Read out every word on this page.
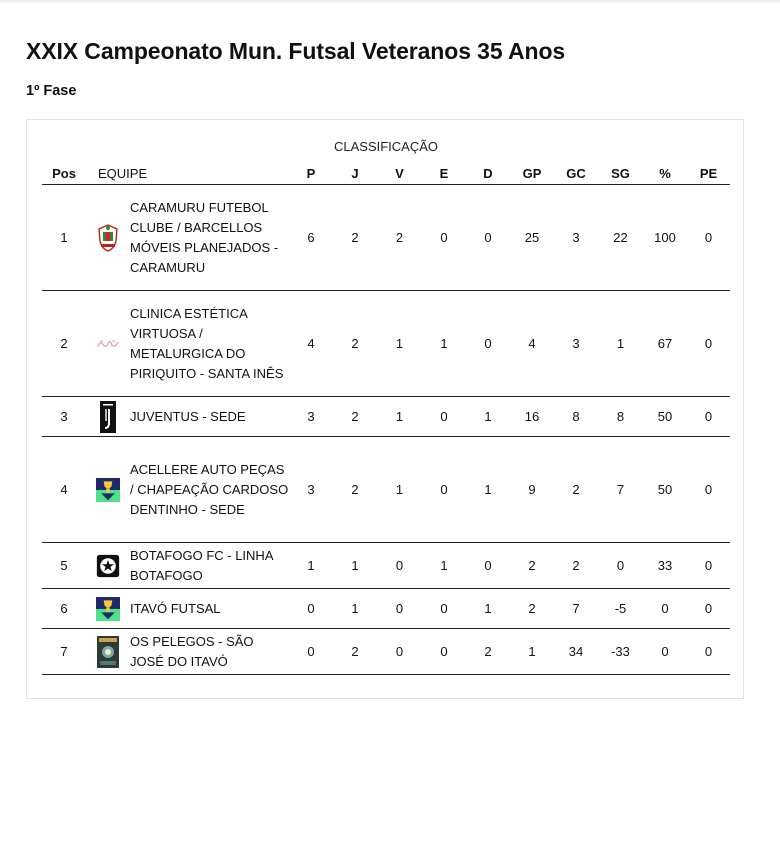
XXIX Campeonato Mun. Futsal Veteranos 35 Anos
1º Fase
CLASSIFICAÇÃO
Pos	EQUIPE		P	J	V	E	D	GP	GC	SG	%	PE
1		CARAMURU FUTEBOL CLUBE / BARCELLOS MÓVEIS PLANEJADOS - CARAMURU	6	2	2	0	0	25	3	22	100	0
2		CLINICA ESTÉTICA VIRTUOSA / METALURGICA DO PIRIQUITO - SANTA INÊS	4	2	1	1	0	4	3	1	67	0
3		JUVENTUS - SEDE	3	2	1	0	1	16	8	8	50	0
4		ACELLERE AUTO PEÇAS / CHAPEAÇÃO CARDOSO DENTINHO - SEDE	3	2	1	0	1	9	2	7	50	0
5		BOTAFOGO FC - LINHA BOTAFOGO	1	1	0	1	0	2	2	0	33	0
6		ITAVÓ FUTSAL	0	1	0	0	1	2	7	-5	0	0
7		OS PELEGOS - SÃO JOSÉ DO ITAVÓ	0	2	0	0	2	1	34	-33	0	0
